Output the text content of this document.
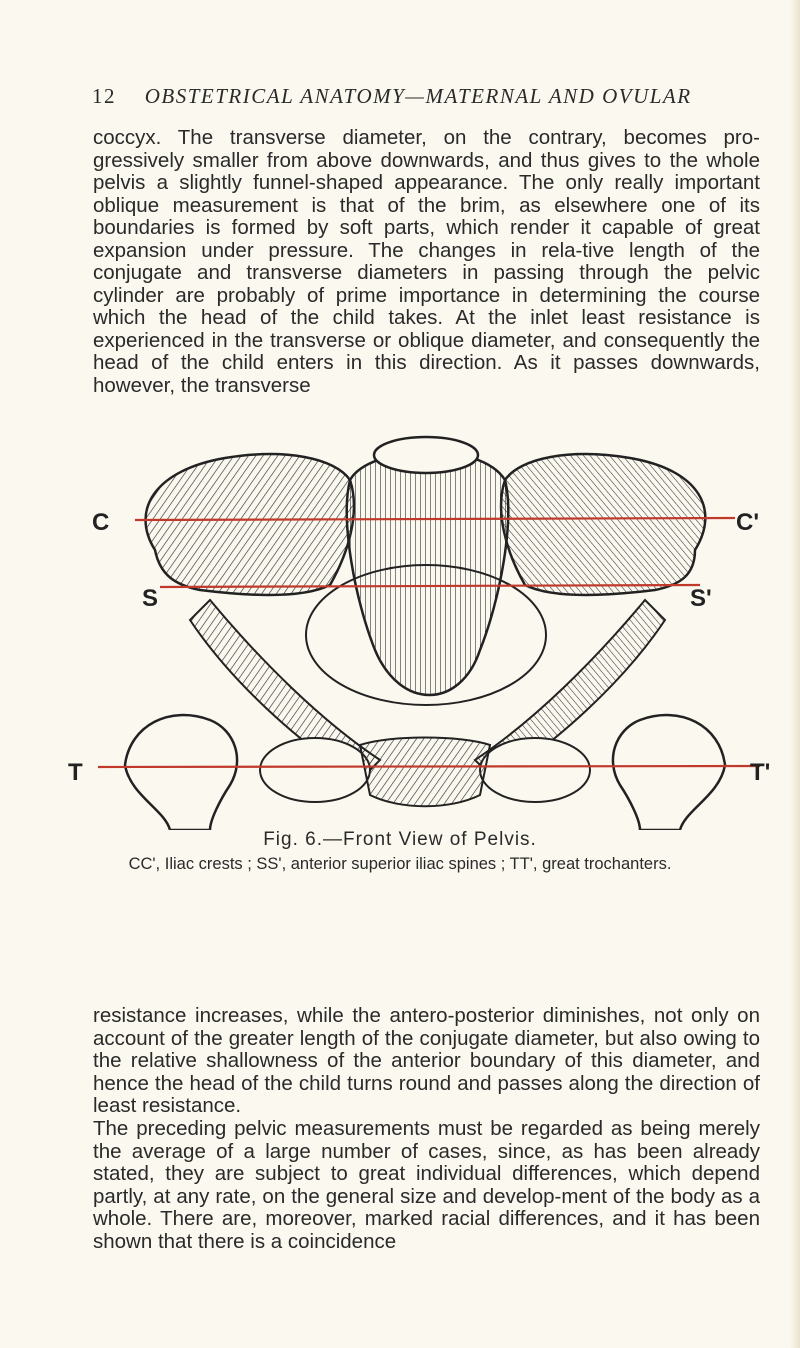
12 OBSTETRICAL ANATOMY—MATERNAL AND OVULAR

coccyx. The transverse diameter, on the contrary, becomes pro-gressively smaller from above downwards, and thus gives to the whole pelvis a slightly funnel-shaped appearance. The only really important oblique measurement is that of the brim, as elsewhere one of its boundaries is formed by soft parts, which render it capable of great expansion under pressure. The changes in rela-tive length of the conjugate and transverse diameters in passing through the pelvic cylinder are probably of prime importance in determining the course which the head of the child takes. At the inlet least resistance is experienced in the transverse or oblique diameter, and consequently the head of the child enters in this direction. As it passes downwards, however, the transverse

C	C'
S	S'
T	T'
Fig. 6.—Front View of Pelvis.
CC', Iliac crests ; SS', anterior superior iliac spines ; TT', great trochanters.

resistance increases, while the antero-posterior diminishes, not only on account of the greater length of the conjugate diameter, but also owing to the relative shallowness of the anterior boundary of this diameter, and hence the head of the child turns round and passes along the direction of least resistance.

The preceding pelvic measurements must be regarded as being merely the average of a large number of cases, since, as has been already stated, they are subject to great individual differences, which depend partly, at any rate, on the general size and develop-ment of the body as a whole. There are, moreover, marked racial differences, and it has been shown that there is a coincidence
